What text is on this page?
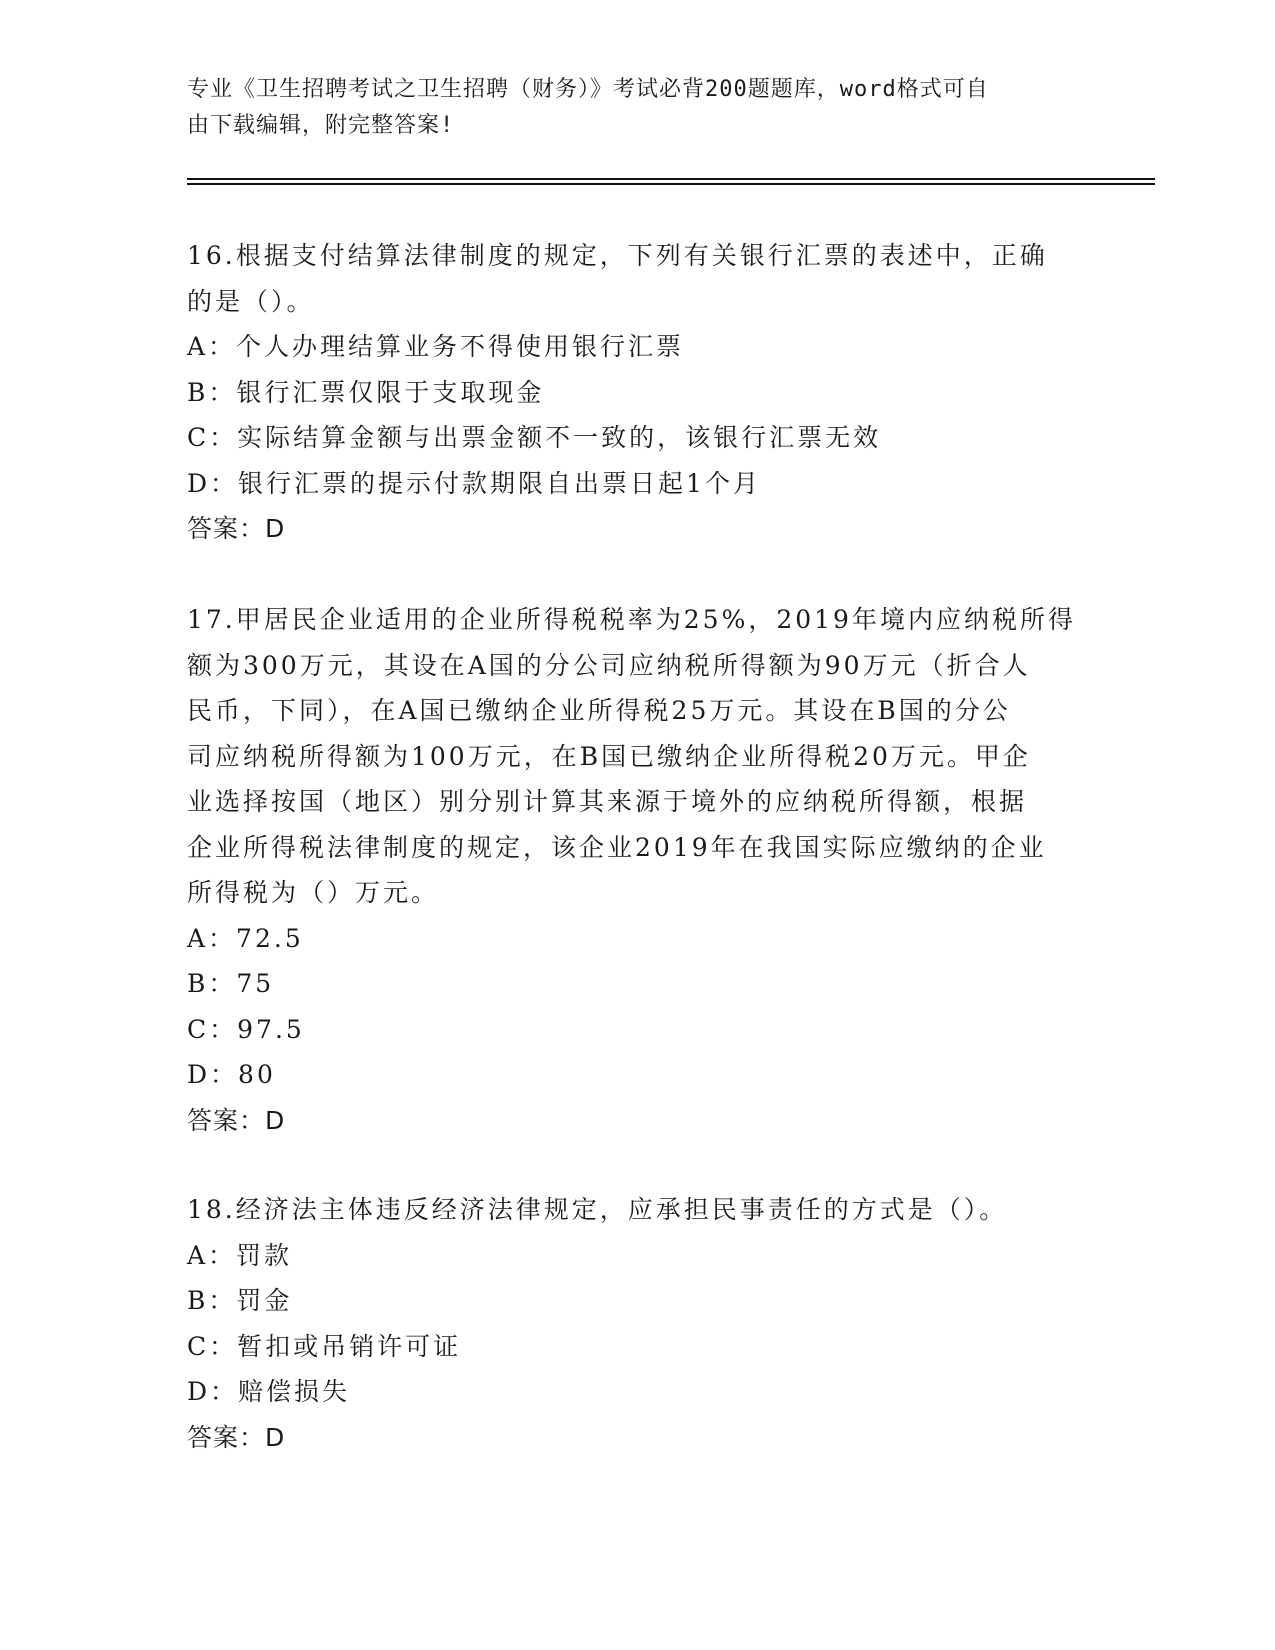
专业《卫生招聘考试之卫生招聘（财务）》考试必背200题题库，word格式可自
由下载编辑，附完整答案!

16.根据支付结算法律制度的规定，下列有关银行汇票的表述中，正确

的是（）。

A：个人办理结算业务不得使用银行汇票

B：银行汇票仅限于支取现金

C：实际结算金额与出票金额不一致的，该银行汇票无效

D：银行汇票的提示付款期限自出票日起1个月

答案：D

17.甲居民企业适用的企业所得税税率为25%，2019年境内应纳税所得

额为300万元，其设在A国的分公司应纳税所得额为90万元（折合人

民币，下同），在A国已缴纳企业所得税25万元。其设在B国的分公

司应纳税所得额为100万元，在B国已缴纳企业所得税20万元。甲企

业选择按国（地区）别分别计算其来源于境外的应纳税所得额，根据

企业所得税法律制度的规定，该企业2019年在我国实际应缴纳的企业

所得税为（）万元。

A：72.5

B：75

C：97.5

D：80

答案：D

18.经济法主体违反经济法律规定，应承担民事责任的方式是（）。

A：罚款

B：罚金

C：暂扣或吊销许可证

D：赔偿损失

答案：D
